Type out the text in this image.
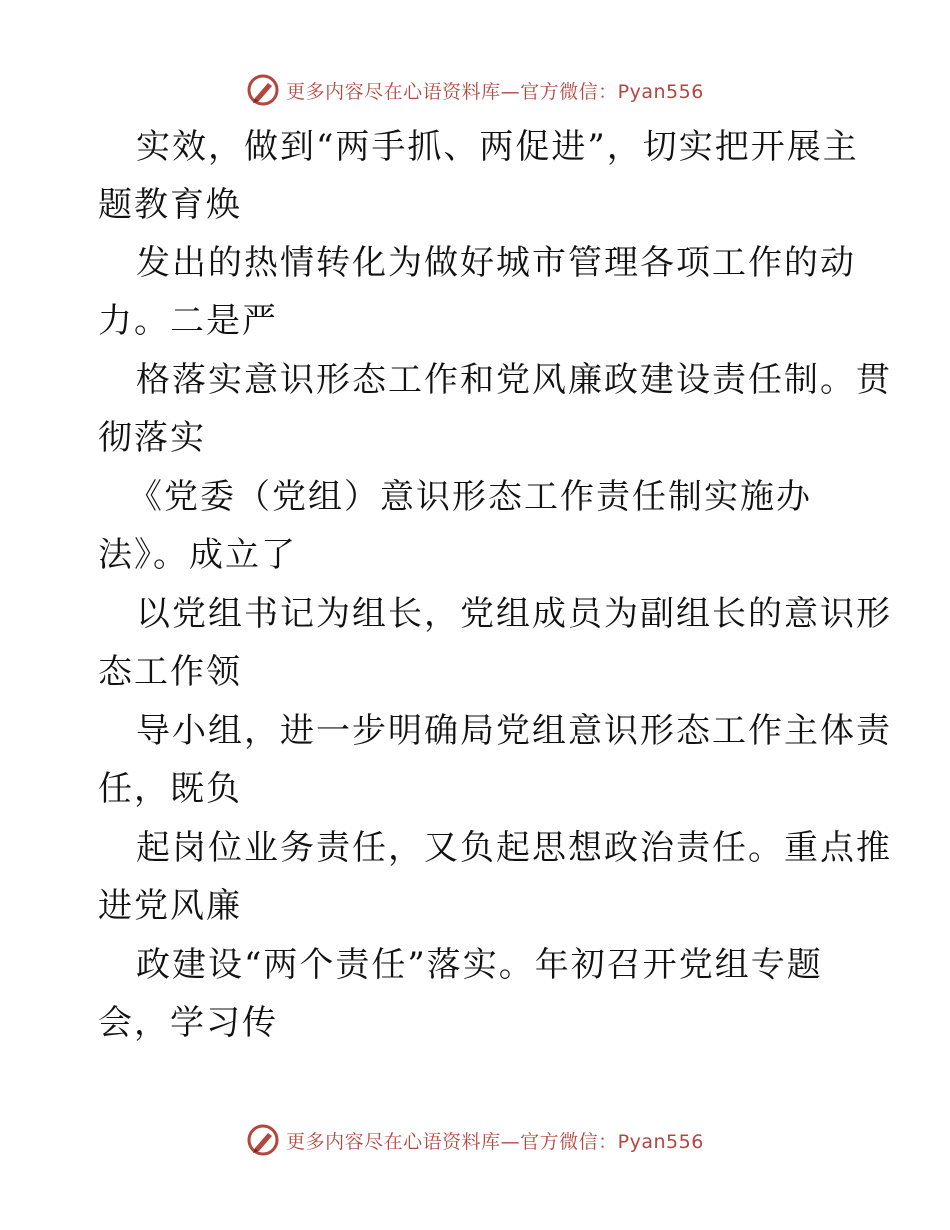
更多内容尽在心语资料库—官方微信：Pyan556
实效，做到“两手抓、两促进”，切实把开展主
题教育焕
发出的热情转化为做好城市管理各项工作的动
力。二是严
格落实意识形态工作和党风廉政建设责任制。贯
彻落实
《党委（党组）意识形态工作责任制实施办
法》。成立了
以党组书记为组长，党组成员为副组长的意识形
态工作领
导小组，进一步明确局党组意识形态工作主体责
任，既负
起岗位业务责任，又负起思想政治责任。重点推
进党风廉
政建设“两个责任”落实。年初召开党组专题
会，学习传
更多内容尽在心语资料库—官方微信：Pyan556
